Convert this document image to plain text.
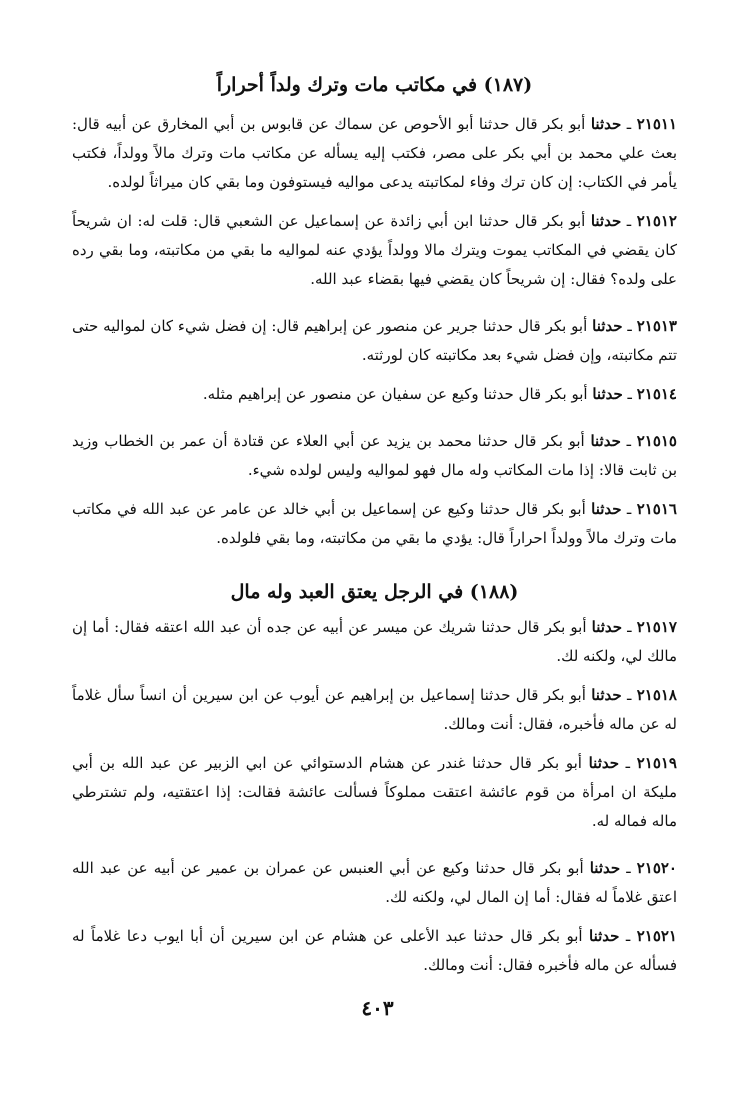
(١٨٧) في مكاتب مات وترك ولداً أحراراً

٢١٥١١ ـ حدثنا أبو بكر قال حدثنا أبو الأحوص عن سماك عن قابوس بن أبي المخارق عن أبيه قال: بعث علي محمد بن أبي بكر على مصر، فكتب إليه يسأله عن مكاتب مات وترك مالاً وولداً، فكتب يأمر في الكتاب: إن كان ترك وفاء لمكاتبته يدعى مواليه فيستوفون وما بقي كان ميراثاً لولده.

٢١٥١٢ ـ حدثنا أبو بكر قال حدثنا ابن أبي زائدة عن إسماعيل عن الشعبي قال: قلت له: ان شريحاً كان يقضي في المكاتب يموت ويترك مالا وولداً يؤدي عنه لمواليه ما بقي من مكاتبته، وما بقي رده على ولده؟ فقال: إن شريحاً كان يقضي فيها بقضاء عبد الله.

٢١٥١٣ ـ حدثنا أبو بكر قال حدثنا جرير عن منصور عن إبراهيم قال: إن فضل شيء كان لمواليه حتى تتم مكاتبته، وإن فضل شيء بعد مكاتبته كان لورثته.

٢١٥١٤ ـ حدثنا أبو بكر قال حدثنا وكيع عن سفيان عن منصور عن إبراهيم مثله.

٢١٥١٥ ـ حدثنا أبو بكر قال حدثنا محمد بن يزيد عن أبي العلاء عن قتادة أن عمر بن الخطاب وزيد بن ثابت قالا: إذا مات المكاتب وله مال فهو لمواليه وليس لولده شيء.

٢١٥١٦ ـ حدثنا أبو بكر قال حدثنا وكيع عن إسماعيل بن أبي خالد عن عامر عن عبد الله في مكاتب مات وترك مالاً وولداً احراراً قال: يؤدي ما بقي من مكاتبته، وما بقي فلولده.

(١٨٨) في الرجل يعتق العبد وله مال

٢١٥١٧ ـ حدثنا أبو بكر قال حدثنا شريك عن ميسر عن أبيه عن جده أن عبد الله اعتقه فقال: أما إن مالك لي، ولكنه لك.

٢١٥١٨ ـ حدثنا أبو بكر قال حدثنا إسماعيل بن إبراهيم عن أيوب عن ابن سيرين أن انساً سأل غلاماً له عن ماله فأخبره، فقال: أنت ومالك.

٢١٥١٩ ـ حدثنا أبو بكر قال حدثنا غندر عن هشام الدستوائي عن ابي الزبير عن عبد الله بن أبي مليكة ان امرأة من قوم عائشة اعتقت مملوكاً فسألت عائشة فقالت: إذا اعتقتيه، ولم تشترطي ماله فماله له.

٢١٥٢٠ ـ حدثنا أبو بكر قال حدثنا وكيع عن أبي العنبس عن عمران بن عمير عن أبيه عن عبد الله اعتق غلاماً له فقال: أما إن المال لي، ولكنه لك.

٢١٥٢١ ـ حدثنا أبو بكر قال حدثنا عبد الأعلى عن هشام عن ابن سيرين أن أبا ايوب دعا غلاماً له فسأله عن ماله فأخبره فقال: أنت ومالك.

٤٠٣
